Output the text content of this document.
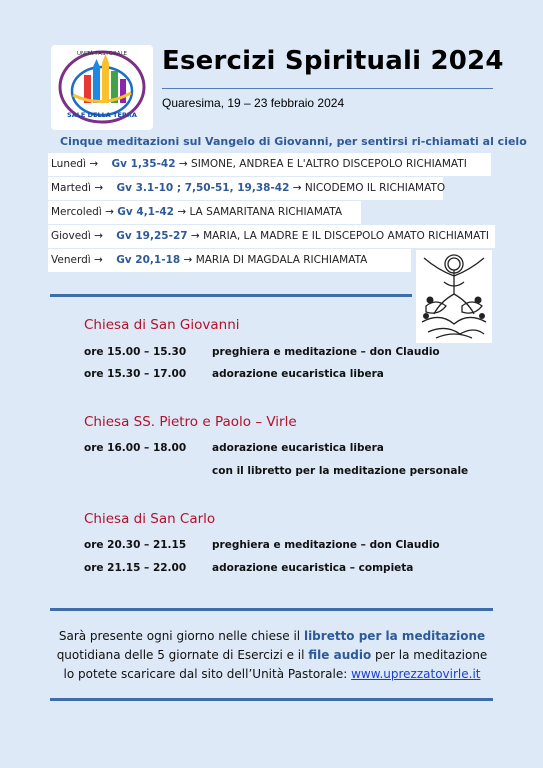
UNITÀ PASTORALE
SALE DELLA TERRA
Esercizi Spirituali 2024
Quaresima, 19 – 23 febbraio 2024
Cinque meditazioni sul Vangelo di Giovanni, per sentirsi ri-chiamati al cielo
Lunedì → Gv 1,35-42 → SIMONE, ANDREA E L'ALTRO DISCEPOLO RICHIAMATI
Martedì → Gv 3.1-10 ; 7,50-51, 19,38-42 → NICODEMO IL RICHIAMATO
Mercoledì → Gv 4,1-42 → LA SAMARITANA RICHIAMATA
Giovedì → Gv 19,25-27 → MARIA, LA MADRE E IL DISCEPOLO AMATO RICHIAMATI
Venerdì → Gv 20,1-18 → MARIA DI MAGDALA RICHIAMATA
Chiesa di San Giovanni
ore 15.00 – 15.30 preghiera e meditazione – don Claudio
ore 15.30 – 17.00 adorazione eucaristica libera
Chiesa SS. Pietro e Paolo – Virle
ore 16.00 – 18.00 adorazione eucaristica libera
con il libretto per la meditazione personale
Chiesa di San Carlo
ore 20.30 – 21.15 preghiera e meditazione – don Claudio
ore 21.15 – 22.00 adorazione eucaristica – compieta
Sarà presente ogni giorno nelle chiese il libretto per la meditazione quotidiana delle 5 giornate di Esercizi e il file audio per la meditazione lo potete scaricare dal sito dell’Unità Pastorale: www.uprezzatovirle.it
